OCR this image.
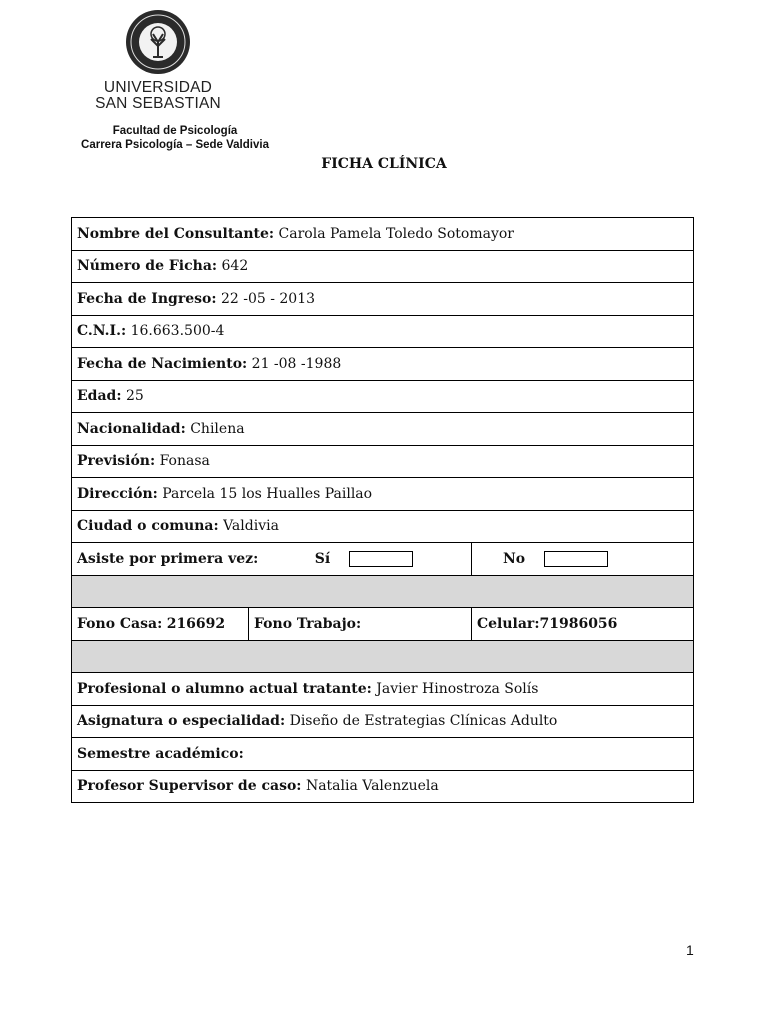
UNIVERSIDAD
SAN SEBASTIAN
Facultad de Psicología
Carrera Psicología – Sede Valdivia
FICHA CLÍNICA
Nombre del Consultante: Carola Pamela Toledo Sotomayor		
Número de Ficha: 642		
Fecha de Ingreso: 22 -05 - 2013		
C.N.I.: 16.663.500-4		
Fecha de Nacimiento: 21 -08 -1988		
Edad: 25		
Nacionalidad: Chilena		
Previsión: Fonasa		
Dirección: Parcela 15 los Hualles Paillao		
Ciudad o comuna: Valdivia		
Asiste por primera vez: Sí		No

Fono Casa: 216692	Fono Trabajo:	Celular:71986056

Profesional o alumno actual tratante: Javier Hinostroza Solís		
Asignatura o especialidad: Diseño de Estrategias Clínicas Adulto		
Semestre académico:		
Profesor Supervisor de caso: Natalia Valenzuela		
1
